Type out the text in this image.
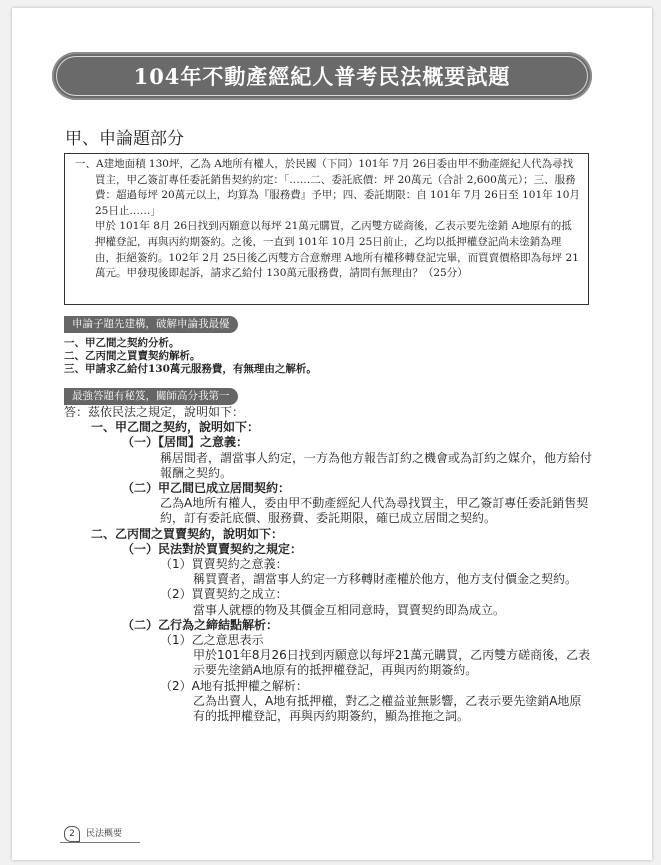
104年不動產經紀人普考民法概要試題
甲、申論題部分

一、A建地面積 130坪，乙為 A地所有權人，於民國（下同）101年 7月 26日委由甲不動產經紀人代為尋找買主，甲乙簽訂專任委託銷售契約約定：「……二、委託底價：坪 20萬元（合計 2,600萬元）；三、服務費：超過每坪 20萬元以上，均算為『服務費』予甲；四、委託期限：自 101年 7月 26日至 101年 10月 25日止……」

甲於 101年 8月 26日找到丙願意以每坪 21萬元購買，乙丙雙方磋商後，乙表示要先塗銷 A地原有的抵押權登記，再與丙約期簽約。之後，一直到 101年 10月 25日前止，乙均以抵押權登記尚未塗銷為理由，拒絕簽約。102年 2月 25日後乙丙雙方合意辦理 A地所有權移轉登記完畢，而買賣價格即為每坪 21萬元。甲發現後即起訴，請求乙給付 130萬元服務費，請問有無理由？（25分）

申論子題先建構，破解申論我最優
一、甲乙間之契約分析。
二、乙丙間之買賣契約解析。
三、甲請求乙給付130萬元服務費，有無理由之解析。
最強答題有秘笈，關師高分我第一
答：茲依民法之規定，說明如下：
一、甲乙間之契約，說明如下：
（一）【居間】之意義：
稱居間者，謂當事人約定，一方為他方報告訂約之機會或為訂約之媒介，他方給付報酬之契約。
（二）甲乙間已成立居間契約：
乙為A地所有權人，委由甲不動產經紀人代為尋找買主，甲乙簽訂專任委託銷售契約，訂有委託底價、服務費、委託期限，確已成立居間之契約。
二、乙丙間之買賣契約，說明如下：
（一）民法對於買賣契約之規定：
（1）買賣契約之意義：
稱買賣者，謂當事人約定一方移轉財產權於他方，他方支付價金之契約。
（2）買賣契約之成立：
當事人就標的物及其價金互相同意時，買賣契約即為成立。
（二）乙行為之締結點解析：
（1）乙之意思表示
甲於101年8月26日找到丙願意以每坪21萬元購買，乙丙雙方磋商後，乙表示要先塗銷A地原有的抵押權登記，再與丙約期簽約。
（2）A地有抵押權之解析：
乙為出賣人，A地有抵押權，對乙之權益並無影響，乙表示要先塗銷A地原有的抵押權登記，再與丙約期簽約，顯為推拖之詞。
2 民法概要
